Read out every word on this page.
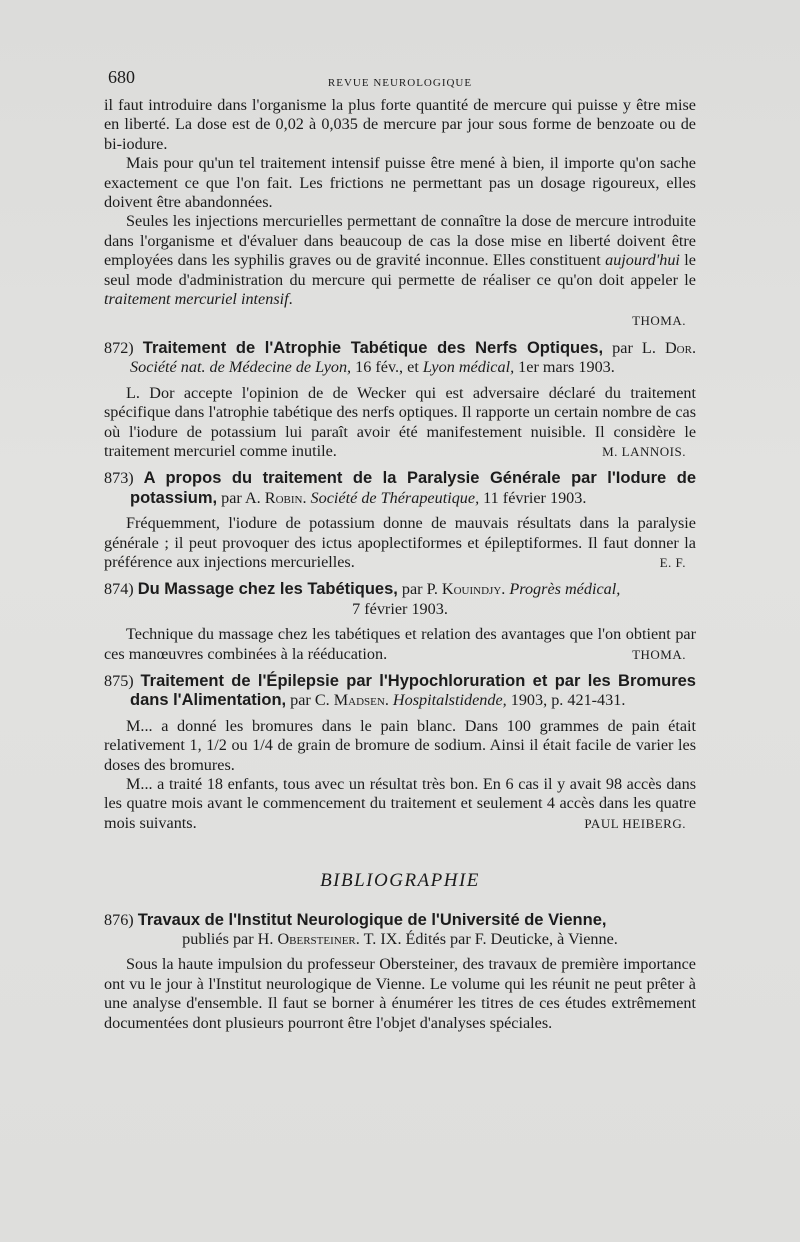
680	REVUE NEUROLOGIQUE

il faut introduire dans l'organisme la plus forte quantité de mercure qui puisse y être mise en liberté. La dose est de 0,02 à 0,035 de mercure par jour sous forme de benzoate ou de bi-iodure.

Mais pour qu'un tel traitement intensif puisse être mené à bien, il importe qu'on sache exactement ce que l'on fait. Les frictions ne permettant pas un dosage rigoureux, elles doivent être abandonnées.

Seules les injections mercurielles permettant de connaître la dose de mercure introduite dans l'organisme et d'évaluer dans beaucoup de cas la dose mise en liberté doivent être employées dans les syphilis graves ou de gravité inconnue. Elles constituent aujourd'hui le seul mode d'administration du mercure qui permette de réaliser ce qu'on doit appeler le traitement mercuriel intensif.

THOMA.

872) Traitement de l'Atrophie Tabétique des Nerfs Optiques, par L. Dor. Société nat. de Médecine de Lyon, 16 fév., et Lyon médical, 1er mars 1903.

L. Dor accepte l'opinion de de Wecker qui est adversaire déclaré du traitement spécifique dans l'atrophie tabétique des nerfs optiques. Il rapporte un certain nombre de cas où l'iodure de potassium lui paraît avoir été manifestement nuisible. Il considère le traitement mercuriel comme inutile.	M. LANNOIS.

873) A propos du traitement de la Paralysie Générale par l'Iodure de potassium, par A. Robin. Société de Thérapeutique, 11 février 1903.

Fréquemment, l'iodure de potassium donne de mauvais résultats dans la paralysie générale ; il peut provoquer des ictus apoplectiformes et épileptiformes. Il faut donner la préférence aux injections mercurielles.	E. F.

874) Du Massage chez les Tabétiques, par P. Kouindjy. Progrès médical,

7 février 1903.

Technique du massage chez les tabétiques et relation des avantages que l'on obtient par ces manœuvres combinées à la rééducation.	THOMA.

875) Traitement de l'Épilepsie par l'Hypochloruration et par les Bromures dans l'Alimentation, par C. Madsen. Hospitalstidende, 1903, p. 421-431.

M... a donné les bromures dans le pain blanc. Dans 100 grammes de pain était relativement 1, 1/2 ou 1/4 de grain de bromure de sodium. Ainsi il était facile de varier les doses des bromures.

M... a traité 18 enfants, tous avec un résultat très bon. En 6 cas il y avait 98 accès dans les quatre mois avant le commencement du traitement et seulement 4 accès dans les quatre mois suivants.	PAUL HEIBERG.

BIBLIOGRAPHIE

876) Travaux de l'Institut Neurologique de l'Université de Vienne,

publiés par H. Obersteiner. T. IX. Édités par F. Deuticke, à Vienne.

Sous la haute impulsion du professeur Obersteiner, des travaux de première importance ont vu le jour à l'Institut neurologique de Vienne. Le volume qui les réunit ne peut prêter à une analyse d'ensemble. Il faut se borner à énumérer les titres de ces études extrêmement documentées dont plusieurs pourront être l'objet d'analyses spéciales.
